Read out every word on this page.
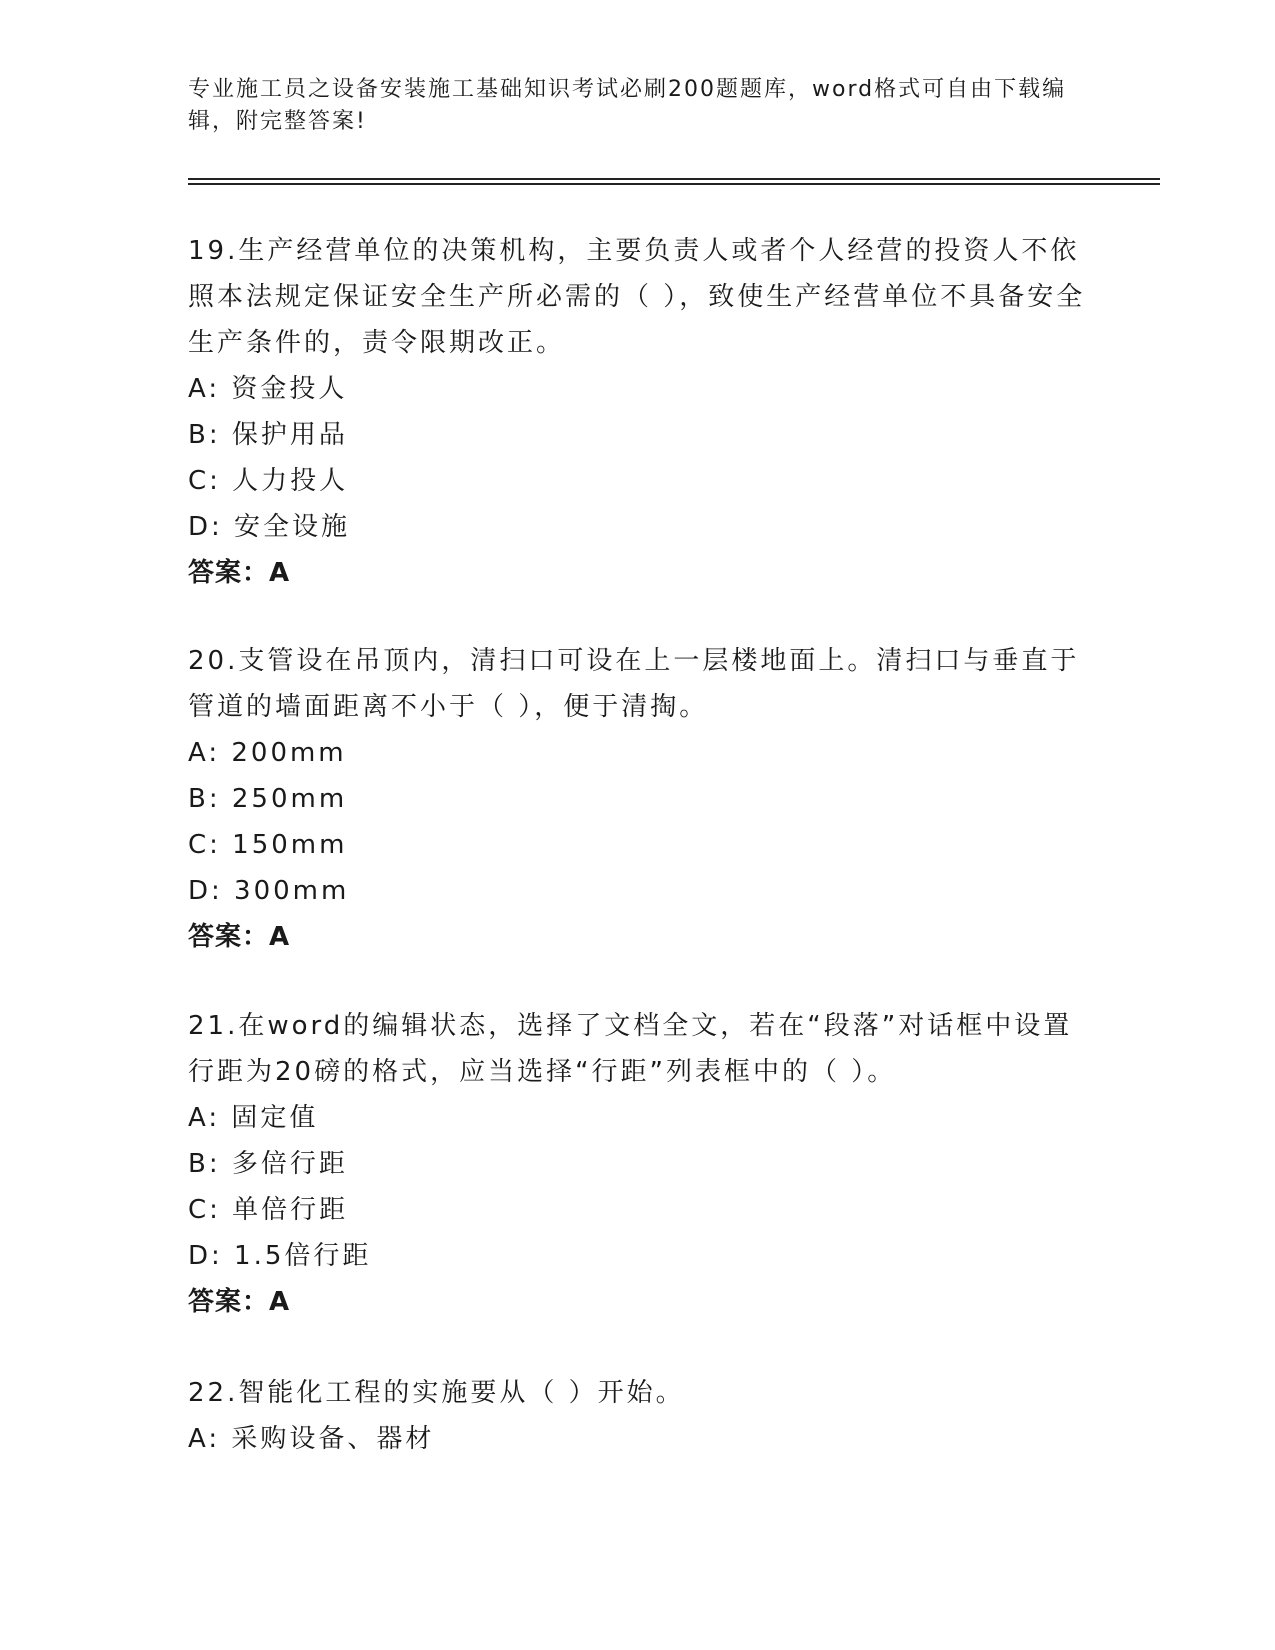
专业施工员之设备安装施工基础知识考试必刷200题题库，word格式可自由下载编辑，附完整答案!

19.生产经营单位的决策机构，主要负责人或者个人经营的投资人不依照本法规定保证安全生产所必需的（ ），致使生产经营单位不具备安全生产条件的，责令限期改正。

A: 资金投人

B: 保护用品

C: 人力投人

D: 安全设施

答案：A

20.支管设在吊顶内，清扫口可设在上一层楼地面上。清扫口与垂直于管道的墙面距离不小于（ ），便于清掏。

A: 200mm

B: 250mm

C: 150mm

D: 300mm

答案：A

21.在word的编辑状态，选择了文档全文，若在“段落”对话框中设置行距为20磅的格式，应当选择“行距”列表框中的（ ）。

A: 固定值

B: 多倍行距

C: 单倍行距

D: 1.5倍行距

答案：A

22.智能化工程的实施要从（ ）开始。

A: 采购设备、器材
